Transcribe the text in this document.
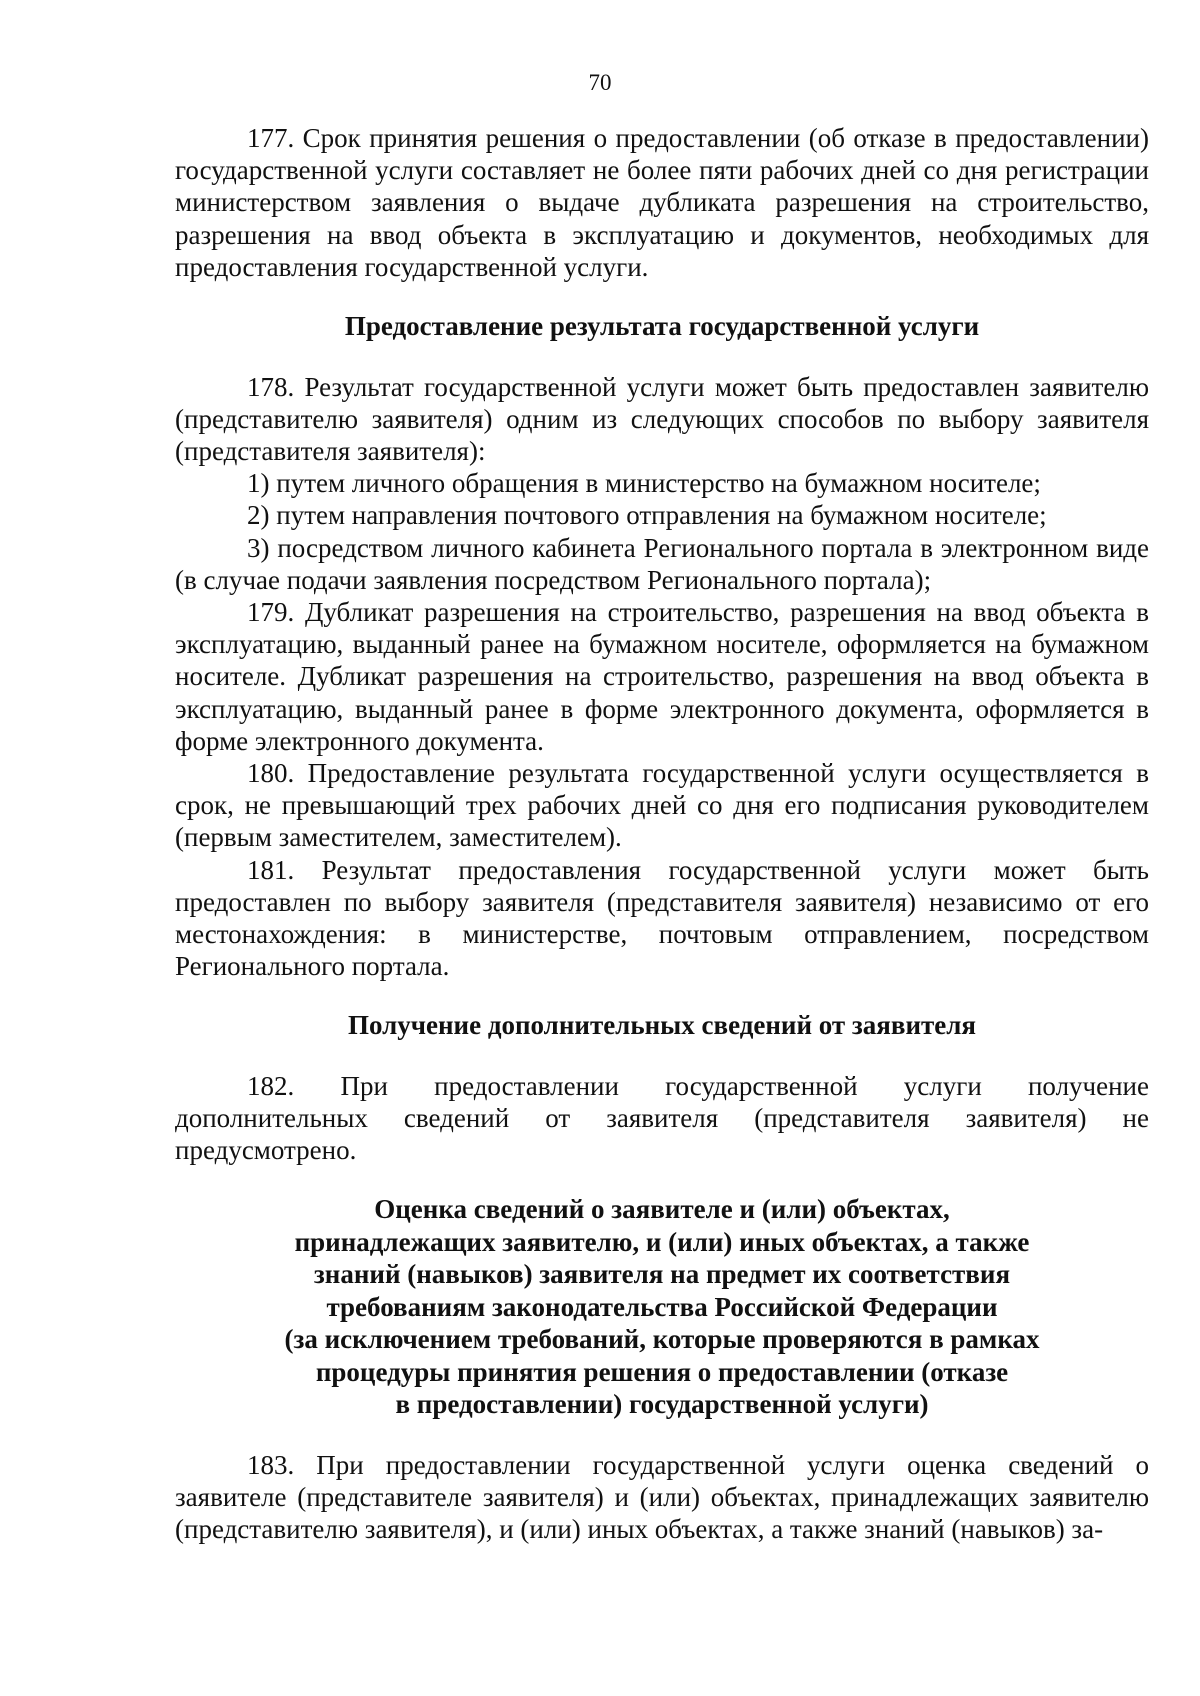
70

177. Срок принятия решения о предоставлении (об отказе в предоставлении) государственной услуги составляет не более пяти рабочих дней со дня регистрации министерством заявления о выдаче дубликата разрешения на строительство, разрешения на ввод объекта в эксплуатацию и документов, необходимых для предоставления государственной услуги.

Предоставление результата государственной услуги

178. Результат государственной услуги может быть предоставлен заявителю (представителю заявителя) одним из следующих способов по выбору заявителя (представителя заявителя):

1) путем личного обращения в министерство на бумажном носителе;

2) путем направления почтового отправления на бумажном носителе;

3) посредством личного кабинета Регионального портала в электронном виде (в случае подачи заявления посредством Регионального портала);

179. Дубликат разрешения на строительство, разрешения на ввод объекта в эксплуатацию, выданный ранее на бумажном носителе, оформляется на бумажном носителе. Дубликат разрешения на строительство, разрешения на ввод объекта в эксплуатацию, выданный ранее в форме электронного документа, оформляется в форме электронного документа.

180. Предоставление результата государственной услуги осуществляется в срок, не превышающий трех рабочих дней со дня его подписания руководителем (первым заместителем, заместителем).

181. Результат предоставления государственной услуги может быть предоставлен по выбору заявителя (представителя заявителя) независимо от его местонахождения: в министерстве, почтовым отправлением, посредством Регионального портала.

Получение дополнительных сведений от заявителя

182. При предоставлении государственной услуги получение дополнительных сведений от заявителя (представителя заявителя) не предусмотрено.

Оценка сведений о заявителе и (или) объектах,

принадлежащих заявителю, и (или) иных объектах, а также

знаний (навыков) заявителя на предмет их соответствия

требованиям законодательства Российской Федерации

(за исключением требований, которые проверяются в рамках

процедуры принятия решения о предоставлении (отказе

в предоставлении) государственной услуги)

183. При предоставлении государственной услуги оценка сведений о заявителе (представителе заявителя) и (или) объектах, принадлежащих заявителю (представителю заявителя), и (или) иных объектах, а также знаний (навыков) за-
